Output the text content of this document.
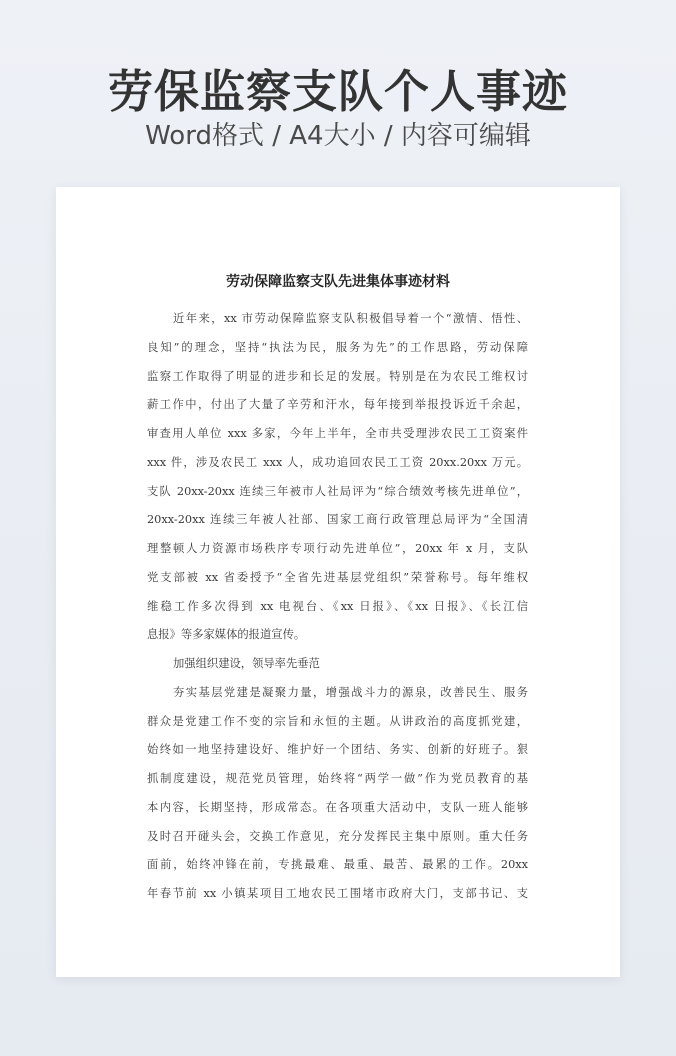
劳保监察支队个人事迹
Word格式 / A4大小 / 内容可编辑
劳动保障监察支队先进集体事迹材料
近年来，xx 市劳动保障监察支队积极倡导着一个“激情、悟性、
良知”的理念，坚持“执法为民，服务为先”的工作思路，劳动保障
监察工作取得了明显的进步和长足的发展。特别是在为农民工维权讨
薪工作中，付出了大量了辛劳和汗水，每年接到举报投诉近千余起，
审查用人单位 xxx 多家，今年上半年，全市共受理涉农民工工资案件
xxx 件，涉及农民工 xxx 人，成功追回农民工工资 20xx.20xx 万元。
支队 20xx-20xx 连续三年被市人社局评为“综合绩效考核先进单位”，
20xx-20xx 连续三年被人社部、国家工商行政管理总局评为“全国清
理整顿人力资源市场秩序专项行动先进单位”，20xx 年 x 月，支队
党支部被 xx 省委授予“全省先进基层党组织”荣誉称号。每年维权
维稳工作多次得到 xx 电视台、《xx 日报》、《xx 日报》、《长江信
息报》等多家媒体的报道宣传。
加强组织建设，领导率先垂范
夯实基层党建是凝聚力量，增强战斗力的源泉，改善民生、服务
群众是党建工作不变的宗旨和永恒的主题。从讲政治的高度抓党建，
始终如一地坚持建设好、维护好一个团结、务实、创新的好班子。狠
抓制度建设，规范党员管理，始终将“两学一做”作为党员教育的基
本内容，长期坚持，形成常态。在各项重大活动中，支队一班人能够
及时召开碰头会，交换工作意见，充分发挥民主集中原则。重大任务
面前，始终冲锋在前，专挑最难、最重、最苦、最累的工作。20xx
年春节前 xx 小镇某项目工地农民工围堵市政府大门，支部书记、支
